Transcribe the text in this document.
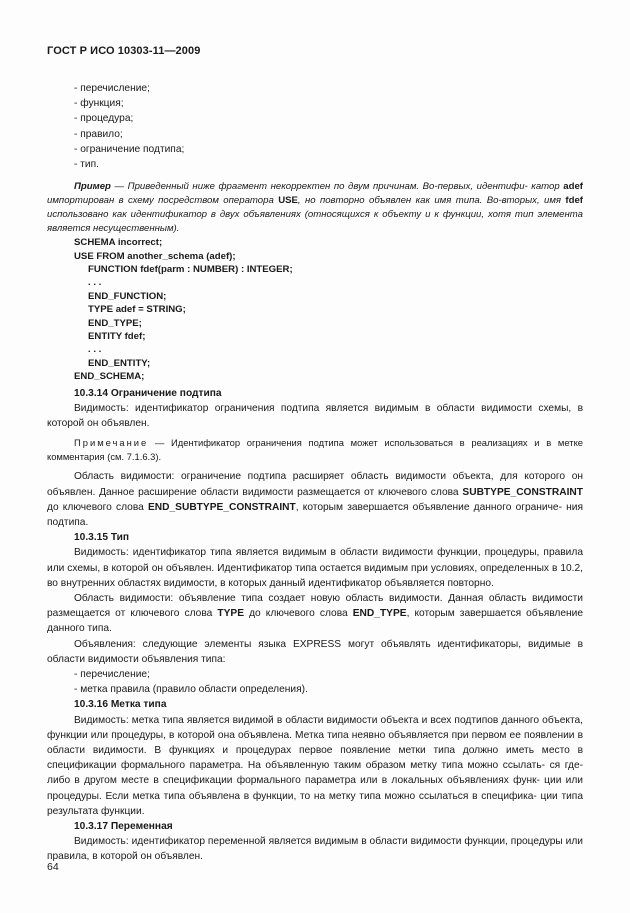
ГОСТ Р ИСО 10303-11—2009
- перечисление;
- функция;
- процедура;
- правило;
- ограничение подтипа;
- тип.
Пример — Приведенный ниже фрагмент некорректен по двум причинам. Во-первых, идентифи- катор adef импортирован в схему посредством оператора USE, но повторно объявлен как имя типа. Во-вторых, имя fdef использовано как идентификатор в двух объявлениях (относящихся к объекту и к функции, хотя тип элемента является несущественным).
SCHEMA incorrect;
USE FROM another_schema (adef);
FUNCTION fdef(parm : NUMBER) : INTEGER;
. . .
END_FUNCTION;
TYPE adef = STRING;
END_TYPE;
ENTITY fdef;
. . .
END_ENTITY;
END_SCHEMA;
10.3.14 Ограничение подтипа
Видимость: идентификатор ограничения подтипа является видимым в области видимости схемы, в которой он объявлен.
Примечание — Идентификатор ограничения подтипа может использоваться в реализациях и в метке комментария (см. 7.1.6.3).
Область видимости: ограничение подтипа расширяет область видимости объекта, для которого он объявлен. Данное расширение области видимости размещается от ключевого слова SUBTYPE_CONSTRAINT до ключевого слова END_SUBTYPE_CONSTRAINT, которым завершается объявление данного ограниче- ния подтипа.
10.3.15 Тип
Видимость: идентификатор типа является видимым в области видимости функции, процедуры, правила или схемы, в которой он объявлен. Идентификатор типа остается видимым при условиях, определенных в 10.2, во внутренних областях видимости, в которых данный идентификатор объявляется повторно.
Область видимости: объявление типа создает новую область видимости. Данная область видимости размещается от ключевого слова TYPE до ключевого слова END_TYPE, которым завершается объявление данного типа.
Объявления: следующие элементы языка EXPRESS могут объявлять идентификаторы, видимые в области видимости объявления типа:
- перечисление;
- метка правила (правило области определения).
10.3.16 Метка типа
Видимость: метка типа является видимой в области видимости объекта и всех подтипов данного объекта, функции или процедуры, в которой она объявлена. Метка типа неявно объявляется при первом ее появлении в области видимости. В функциях и процедурах первое появление метки типа должно иметь место в спецификации формального параметра. На объявленную таким образом метку типа можно ссылать- ся где-либо в другом месте в спецификации формального параметра или в локальных объявлениях функ- ции или процедуры. Если метка типа объявлена в функции, то на метку типа можно ссылаться в специфика- ции типа результата функции.
10.3.17 Переменная
Видимость: идентификатор переменной является видимым в области видимости функции, процедуры или правила, в которой он объявлен.
64
